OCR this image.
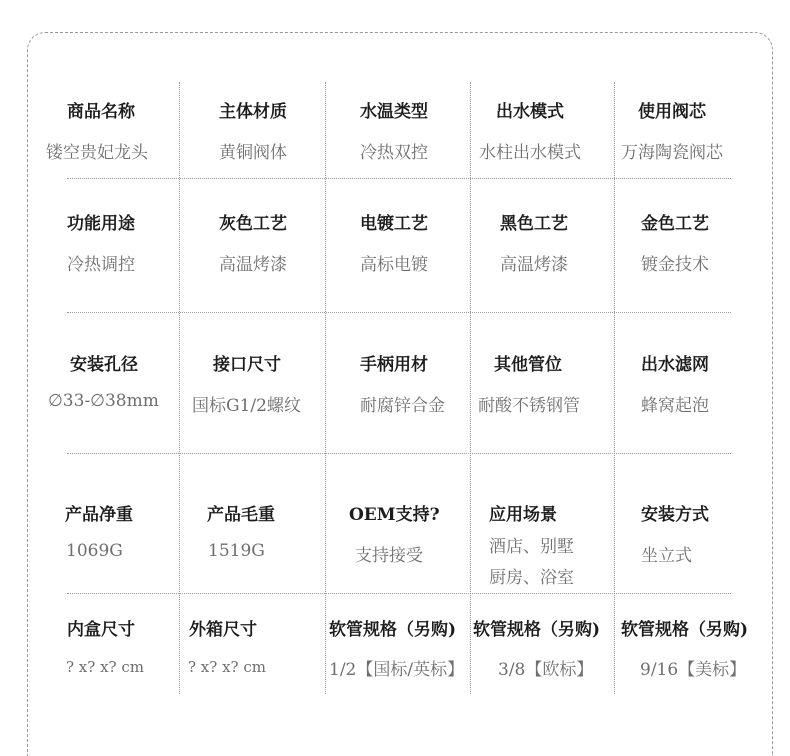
商品名称
镂空贵妃龙头
主体材质
黄铜阀体
水温类型
冷热双控
出水模式
水柱出水模式
使用阀芯
万海陶瓷阀芯
功能用途
冷热调控
灰色工艺
高温烤漆
电镀工艺
高标电镀
黑色工艺
高温烤漆
金色工艺
镀金技术
安装孔径
∅33-∅38mm
接口尺寸
国标G1/2螺纹
手柄用材
耐腐锌合金
其他管位
耐酸不锈钢管
出水滤网
蜂窝起泡
产品净重
1069G
产品毛重
1519G
OEM支持?
支持接受
应用场景
酒店、别墅
厨房、浴室
安装方式
坐立式
内盒尺寸
? x? x? cm
外箱尺寸
? x? x? cm
软管规格（另购)
1/2【国标/英标】
软管规格（另购)
3/8【欧标】
软管规格（另购)
9/16【美标】
